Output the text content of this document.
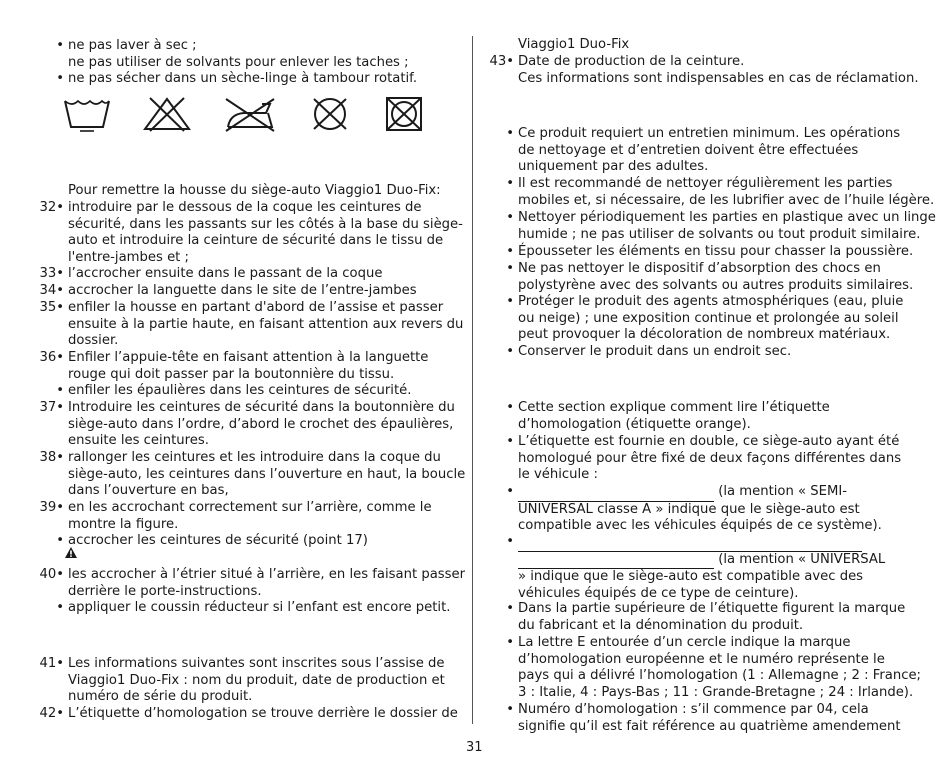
• ne pas laver à sec ;
ne pas utiliser de solvants pour enlever les taches ;
• ne pas sécher dans un sèche-linge à tambour rotatif.
Pour remettre la housse du siège-auto Viaggio1 Duo-Fix:
32• introduire par le dessous de la coque les ceintures de
sécurité, dans les passants sur les côtés à la base du siège-
auto et introduire la ceinture de sécurité dans le tissu de
l'entre-jambes et ;
33• l’accrocher ensuite dans le passant de la coque
34• accrocher la languette dans le site de l’entre-jambes
35• enfiler la housse en partant d'abord de l’assise et passer
ensuite à la partie haute, en faisant attention aux revers du
dossier.
36• Enfiler l’appuie-tête en faisant attention à la languette
rouge qui doit passer par la boutonnière du tissu.
• enfiler les épaulières dans les ceintures de sécurité.
37• Introduire les ceintures de sécurité dans la boutonnière du
siège-auto dans l’ordre, d’abord le crochet des épaulières,
ensuite les ceintures.
38• rallonger les ceintures et les introduire dans la coque du
siège-auto, les ceintures dans l’ouverture en haut, la boucle
dans l’ouverture en bas,
39• en les accrochant correctement sur l’arrière, comme le
montre la figure.
• accrocher les ceintures de sécurité (point 17)
40• les accrocher à l’étrier situé à l’arrière, en les faisant passer
derrière le porte-instructions.
• appliquer le coussin réducteur si l’enfant est encore petit.
41• Les informations suivantes sont inscrites sous l’assise de
Viaggio1 Duo-Fix : nom du produit, date de production et
numéro de série du produit.
42• L’étiquette d’homologation se trouve derrière le dossier de
Viaggio1 Duo-Fix
43• Date de production de la ceinture.
Ces informations sont indispensables en cas de réclamation.
• Ce produit requiert un entretien minimum. Les opérations
de nettoyage et d’entretien doivent être effectuées
uniquement par des adultes.
• Il est recommandé de nettoyer régulièrement les parties
mobiles et, si nécessaire, de les lubrifier avec de l’huile légère.
• Nettoyer périodiquement les parties en plastique avec un linge
humide ; ne pas utiliser de solvants ou tout produit similaire.
• Épousseter les éléments en tissu pour chasser la poussière.
• Ne pas nettoyer le dispositif d’absorption des chocs en
polystyrène avec des solvants ou autres produits similaires.
• Protéger le produit des agents atmosphériques (eau, pluie
ou neige) ; une exposition continue et prolongée au soleil
peut provoquer la décoloration de nombreux matériaux.
• Conserver le produit dans un endroit sec.
• Cette section explique comment lire l’étiquette
d’homologation (étiquette orange).
• L’étiquette est fournie en double, ce siège-auto ayant été
homologué pour être fixé de deux façons différentes dans
le véhicule :
•	(la mention « SEMI-
UNIVERSAL classe A » indique que le siège-auto est
compatible avec les véhicules équipés de ce système).
•

(la mention « UNIVERSAL
» indique que le siège-auto est compatible avec des
véhicules équipés de ce type de ceinture).
• Dans la partie supérieure de l’étiquette figurent la marque
du fabricant et la dénomination du produit.
• La lettre E entourée d’un cercle indique la marque
d’homologation européenne et le numéro représente le
pays qui a délivré l’homologation (1 : Allemagne ; 2 : France;
3 : Italie, 4 : Pays-Bas ; 11 : Grande-Bretagne ; 24 : Irlande).
• Numéro d’homologation : s’il commence par 04, cela
signifie qu’il est fait référence au quatrième amendement
31
